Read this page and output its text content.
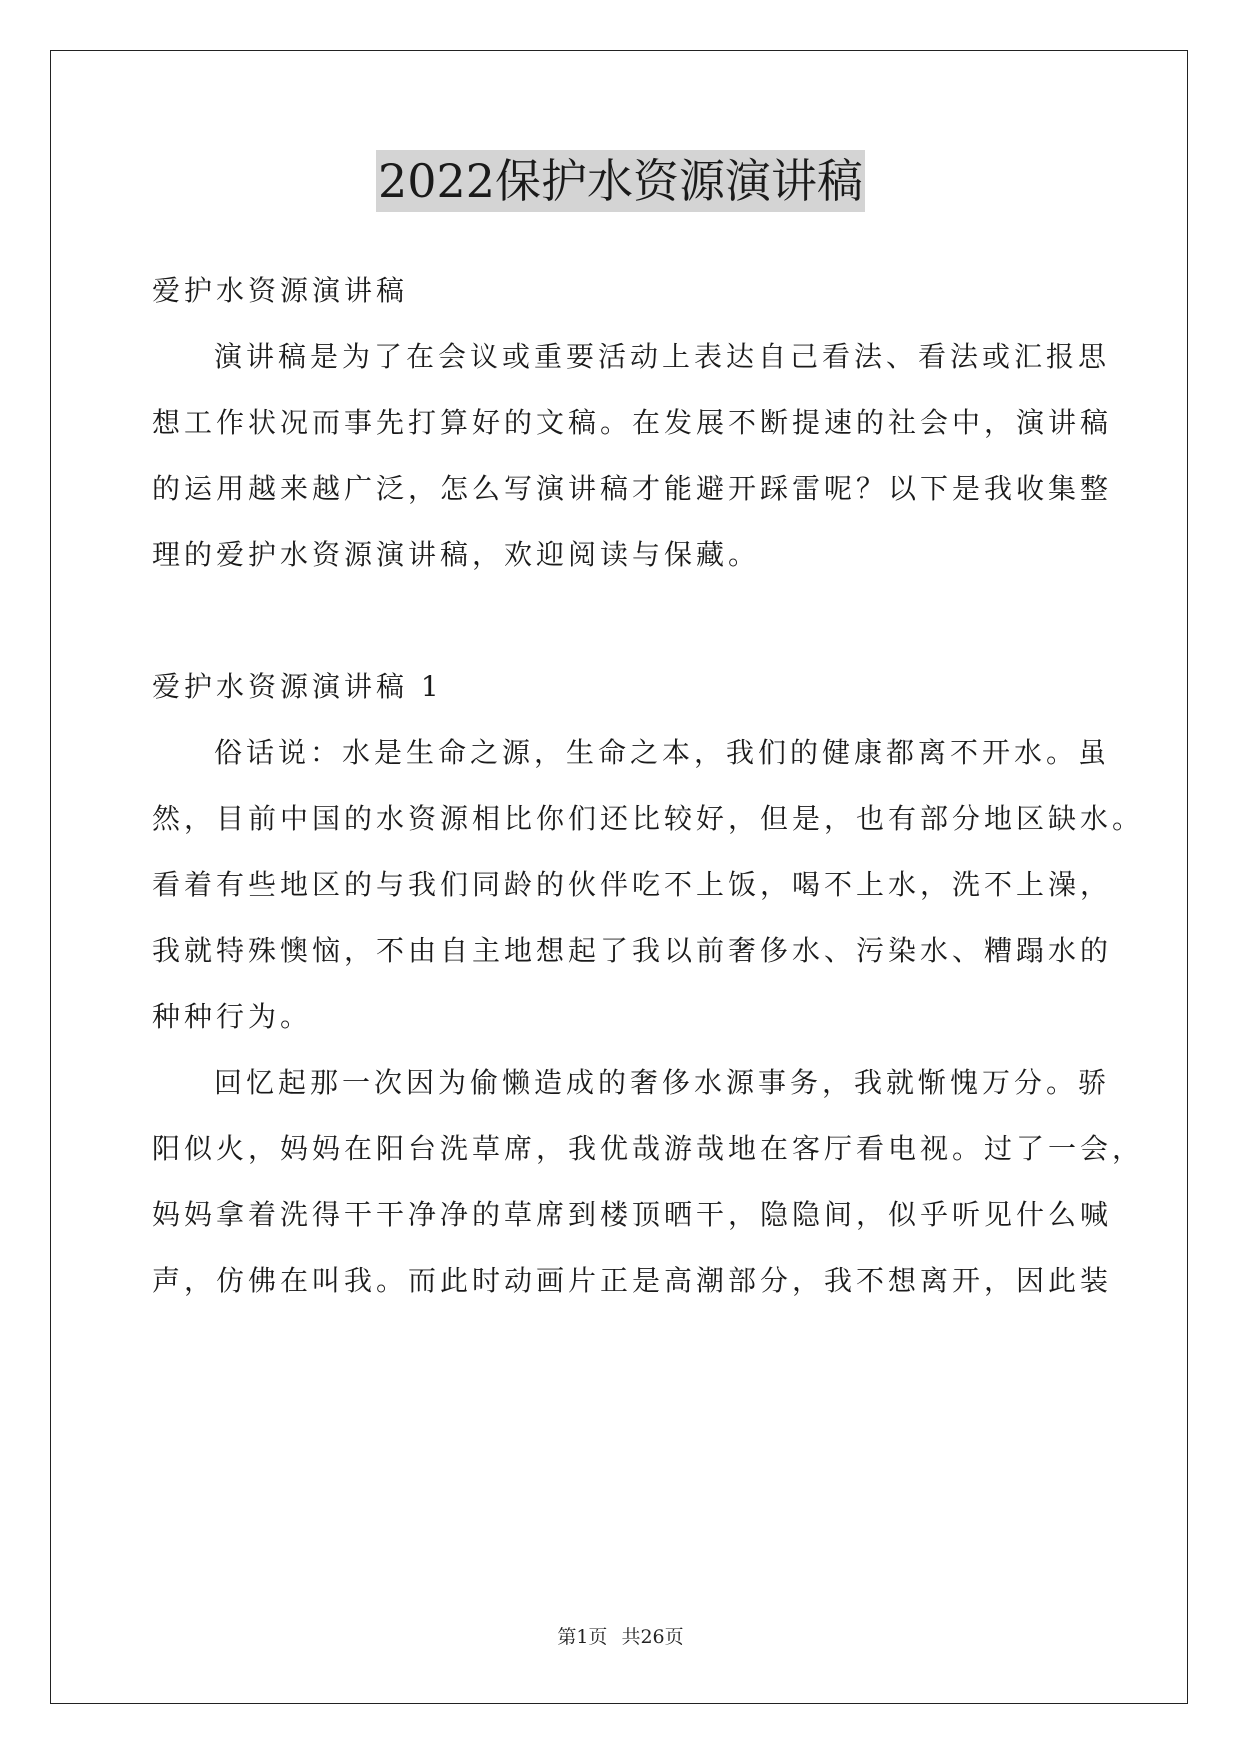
2022保护水资源演讲稿
爱护水资源演讲稿
演讲稿是为了在会议或重要活动上表达自己看法、看法或汇报思
想工作状况而事先打算好的文稿。在发展不断提速的社会中，演讲稿
的运用越来越广泛，怎么写演讲稿才能避开踩雷呢？以下是我收集整
理的爱护水资源演讲稿，欢迎阅读与保藏。
爱护水资源演讲稿 1
俗话说：水是生命之源，生命之本，我们的健康都离不开水。虽
然，目前中国的水资源相比你们还比较好，但是，也有部分地区缺水。
看着有些地区的与我们同龄的伙伴吃不上饭，喝不上水，洗不上澡，
我就特殊懊恼，不由自主地想起了我以前奢侈水、污染水、糟蹋水的
种种行为。
回忆起那一次因为偷懒造成的奢侈水源事务，我就惭愧万分。骄
阳似火，妈妈在阳台洗草席，我优哉游哉地在客厅看电视。过了一会，
妈妈拿着洗得干干净净的草席到楼顶晒干，隐隐间，似乎听见什么喊
声，仿佛在叫我。而此时动画片正是高潮部分，我不想离开，因此装
第1页 共26页
